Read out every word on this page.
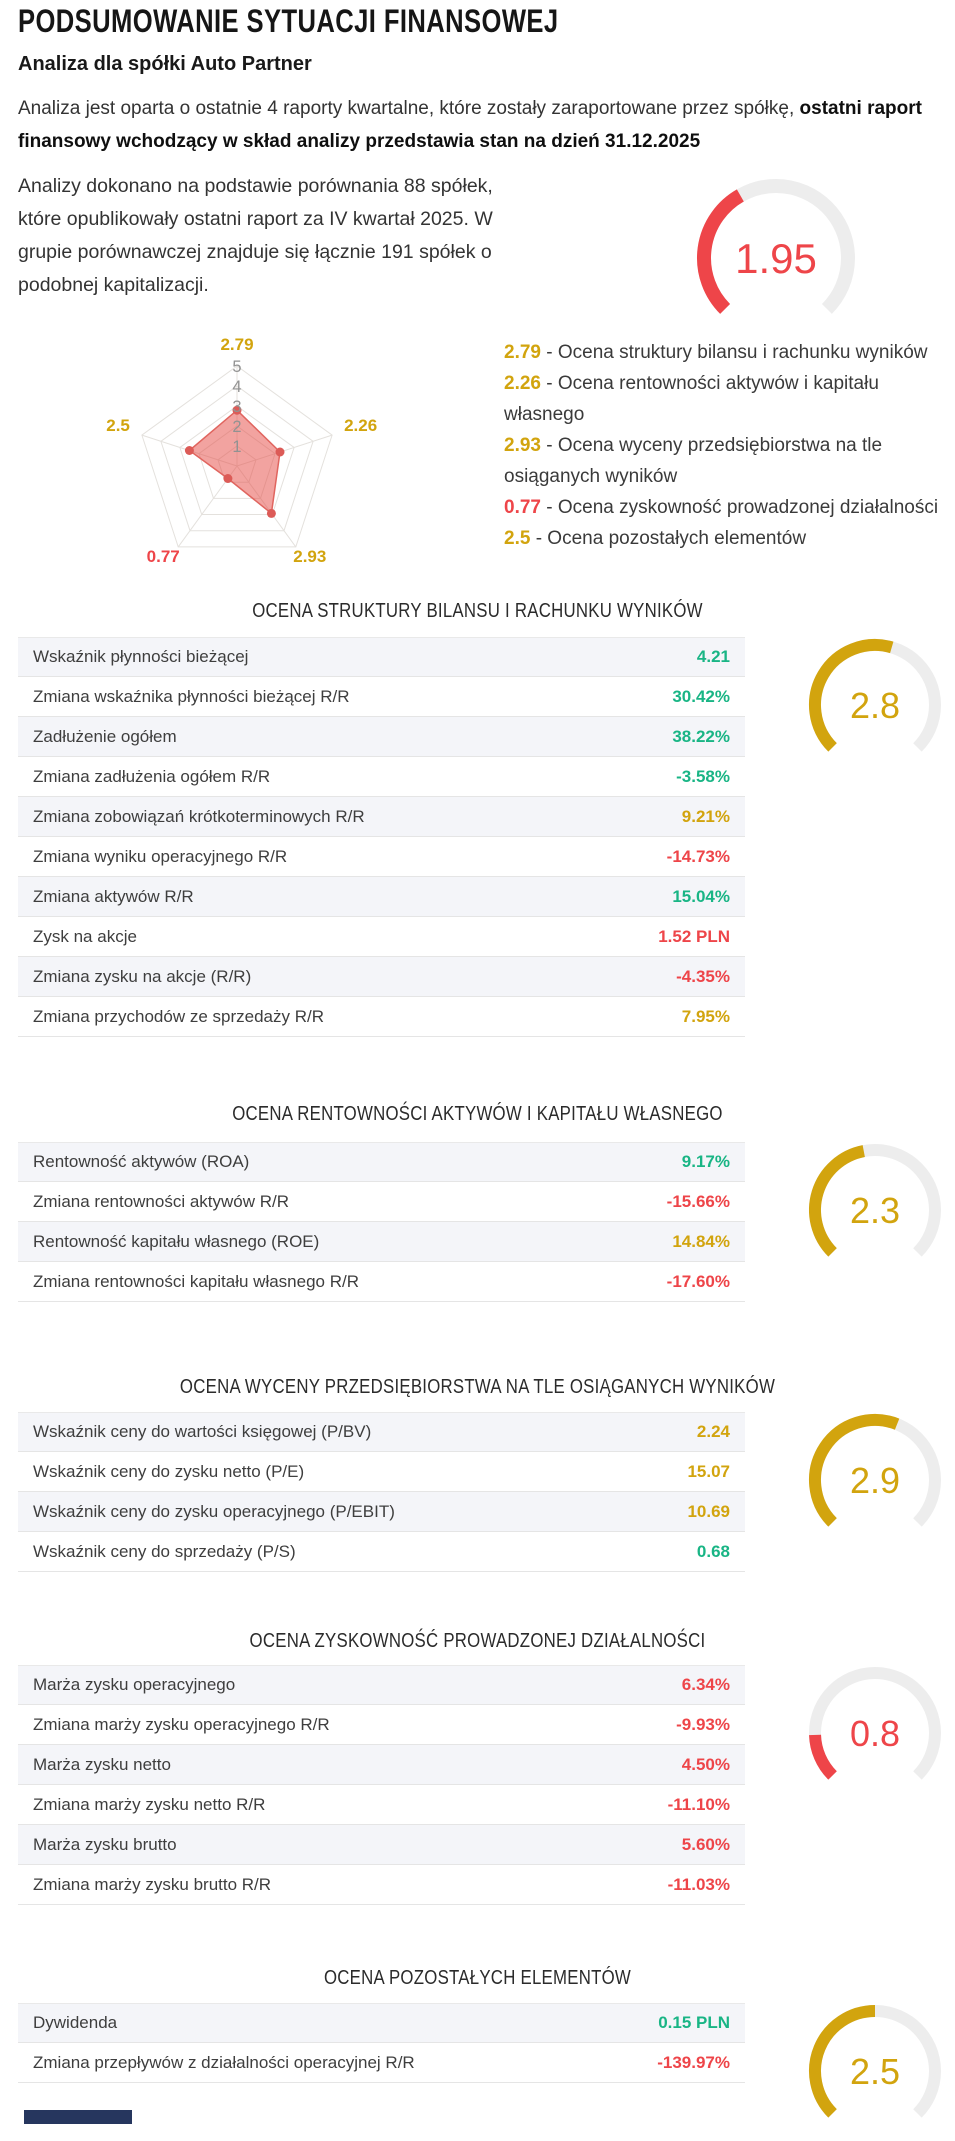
PODSUMOWANIE SYTUACJI FINANSOWEJ
Analiza dla spółki Auto Partner

Analiza jest oparta o ostatnie 4 raporty kwartalne, które zostały zaraportowane przez spółkę, ostatni raport finansowy wchodzący w skład analizy przedstawia stan na dzień 31.12.2025

Analizy dokonano na podstawie porównania 88 spółek, które opublikowały ostatni raport za IV kwartał 2025. W grupie porównawczej znajduje się łącznie 191 spółek o podobnej kapitalizacji.

1.95
1
2
3
4
5
2.79
2.26
2.93
0.77
2.5
2.79 - Ocena struktury bilansu i rachunku wyników
2.26 - Ocena rentowności aktywów i kapitału własnego
2.93 - Ocena wyceny przedsiębiorstwa na tle osiąganych wyników
0.77 - Ocena zyskowność prowadzonej działalności
2.5 - Ocena pozostałych elementów
OCENA STRUKTURY BILANSU I RACHUNKU WYNIKÓW
Wskaźnik płynności bieżącej	4.21
Zmiana wskaźnika płynności bieżącej R/R	30.42%
Zadłużenie ogółem	38.22%
Zmiana zadłużenia ogółem R/R	-3.58%
Zmiana zobowiązań krótkoterminowych R/R	9.21%
Zmiana wyniku operacyjnego R/R	-14.73%
Zmiana aktywów R/R	15.04%
Zysk na akcje	1.52 PLN
Zmiana zysku na akcje (R/R)	-4.35%
Zmiana przychodów ze sprzedaży R/R	7.95%
2.8
OCENA RENTOWNOŚCI AKTYWÓW I KAPITAŁU WŁASNEGO
Rentowność aktywów (ROA)	9.17%
Zmiana rentowności aktywów R/R	-15.66%
Rentowność kapitału własnego (ROE)	14.84%
Zmiana rentowności kapitału własnego R/R	-17.60%
2.3
OCENA WYCENY PRZEDSIĘBIORSTWA NA TLE OSIĄGANYCH WYNIKÓW
Wskaźnik ceny do wartości księgowej (P/BV)	2.24
Wskaźnik ceny do zysku netto (P/E)	15.07
Wskaźnik ceny do zysku operacyjnego (P/EBIT)	10.69
Wskaźnik ceny do sprzedaży (P/S)	0.68
2.9
OCENA ZYSKOWNOŚĆ PROWADZONEJ DZIAŁALNOŚCI
Marża zysku operacyjnego	6.34%
Zmiana marży zysku operacyjnego R/R	-9.93%
Marża zysku netto	4.50%
Zmiana marży zysku netto R/R	-11.10%
Marża zysku brutto	5.60%
Zmiana marży zysku brutto R/R	-11.03%
0.8
OCENA POZOSTAŁYCH ELEMENTÓW
Dywidenda	0.15 PLN
Zmiana przepływów z działalności operacyjnej R/R	-139.97%	2.5
